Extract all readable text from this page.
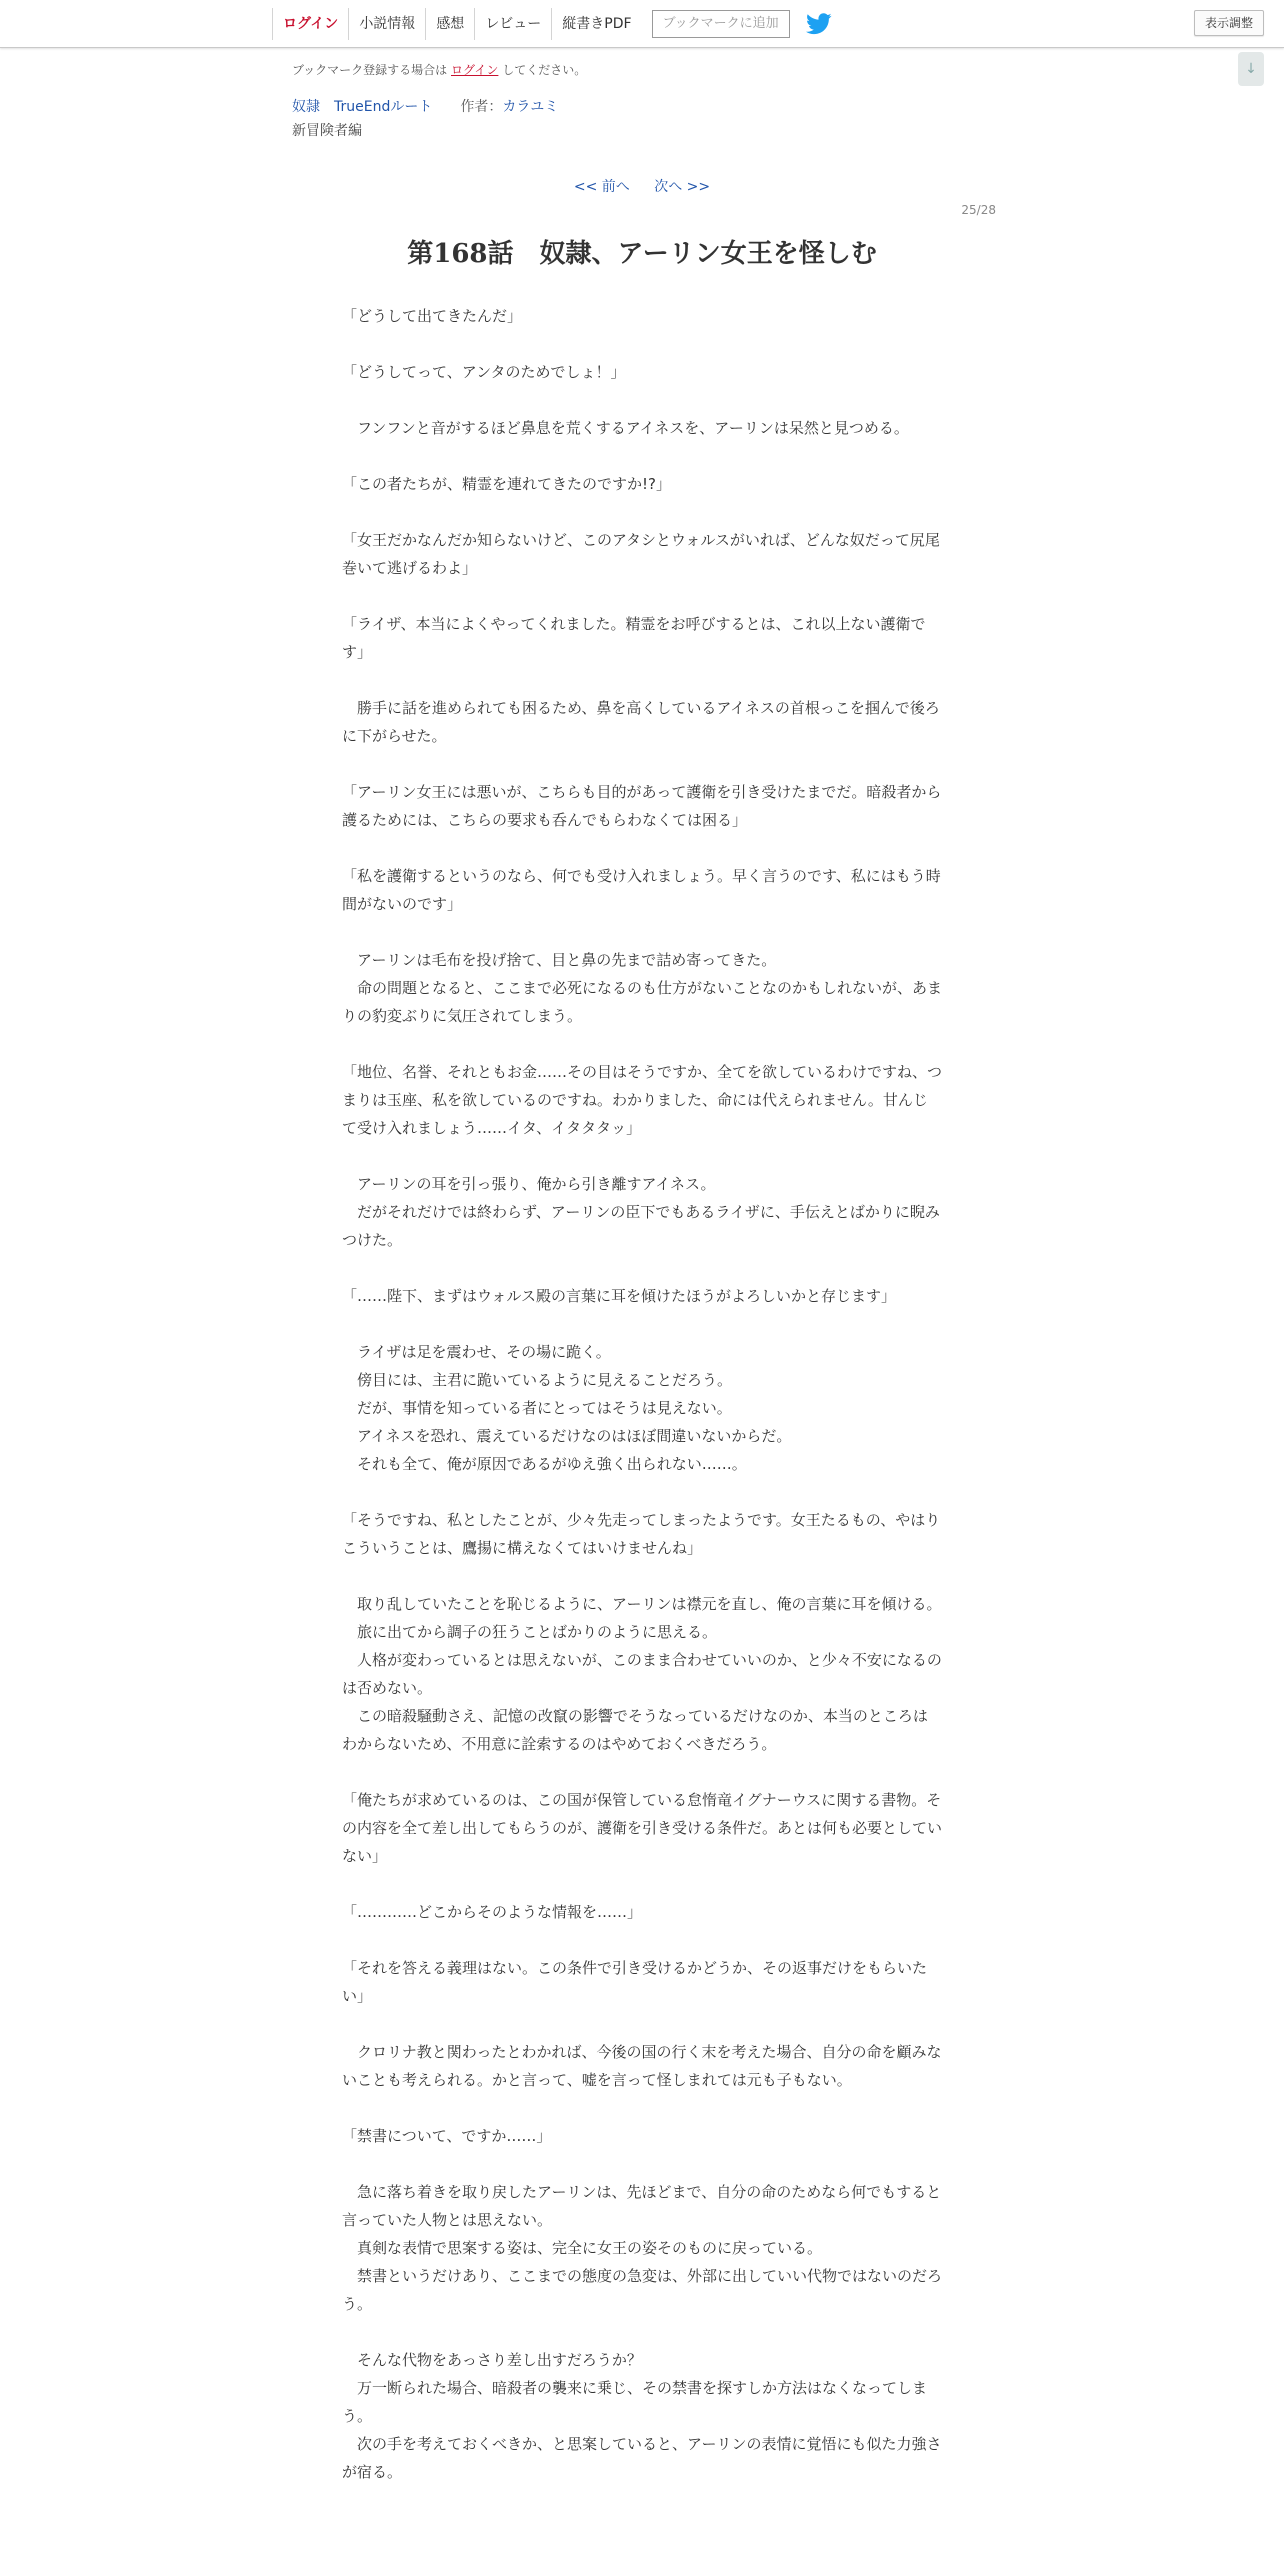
ログイン	小説情報	感想	レビュー	縦書きPDF	ブックマークに追加	表示調整
↓
ブックマーク登録する場合は ログイン してください。
奴隷　TrueEndルート 作者：カラユミ
新冒険者編
<< 前へ 次へ >>
25/28
第168話　奴隷、アーリン女王を怪しむ

「どうして出てきたんだ」

「どうしてって、アンタのためでしょ！」

　フンフンと音がするほど鼻息を荒くするアイネスを、アーリンは呆然と見つめる。

「この者たちが、精霊を連れてきたのですか!?」

「女王だかなんだか知らないけど、このアタシとウォルスがいれば、どんな奴だって尻尾巻いて逃げるわよ」

「ライザ、本当によくやってくれました。精霊をお呼びするとは、これ以上ない護衛です」

　勝手に話を進められても困るため、鼻を高くしているアイネスの首根っこを掴んで後ろに下がらせた。

「アーリン女王には悪いが、こちらも目的があって護衛を引き受けたまでだ。暗殺者から護るためには、こちらの要求も呑んでもらわなくては困る」

「私を護衛するというのなら、何でも受け入れましょう。早く言うのです、私にはもう時間がないのです」

　アーリンは毛布を投げ捨て、目と鼻の先まで詰め寄ってきた。

　命の問題となると、ここまで必死になるのも仕方がないことなのかもしれないが、あまりの豹変ぶりに気圧されてしまう。

「地位、名誉、それともお金……その目はそうですか、全てを欲しているわけですね、つまりは玉座、私を欲しているのですね。わかりました、命には代えられません。甘んじて受け入れましょう……イタ、イタタタッ」

　アーリンの耳を引っ張り、俺から引き離すアイネス。

　だがそれだけでは終わらず、アーリンの臣下でもあるライザに、手伝えとばかりに睨みつけた。

「……陛下、まずはウォルス殿の言葉に耳を傾けたほうがよろしいかと存じます」

　ライザは足を震わせ、その場に跪く。

　傍目には、主君に跪いているように見えることだろう。

　だが、事情を知っている者にとってはそうは見えない。

　アイネスを恐れ、震えているだけなのはほぼ間違いないからだ。

　それも全て、俺が原因であるがゆえ強く出られない……。

「そうですね、私としたことが、少々先走ってしまったようです。女王たるもの、やはりこういうことは、鷹揚に構えなくてはいけませんね」

　取り乱していたことを恥じるように、アーリンは襟元を直し、俺の言葉に耳を傾ける。

　旅に出てから調子の狂うことばかりのように思える。

　人格が変わっているとは思えないが、このまま合わせていいのか、と少々不安になるのは否めない。

　この暗殺騒動さえ、記憶の改竄の影響でそうなっているだけなのか、本当のところはわからないため、不用意に詮索するのはやめておくべきだろう。

「俺たちが求めているのは、この国が保管している怠惰竜イグナーウスに関する書物。その内容を全て差し出してもらうのが、護衛を引き受ける条件だ。あとは何も必要としていない」

「…………どこからそのような情報を……」

「それを答える義理はない。この条件で引き受けるかどうか、その返事だけをもらいたい」

　クロリナ教と関わったとわかれば、今後の国の行く末を考えた場合、自分の命を顧みないことも考えられる。かと言って、嘘を言って怪しまれては元も子もない。

「禁書について、ですか……」

　急に落ち着きを取り戻したアーリンは、先ほどまで、自分の命のためなら何でもすると言っていた人物とは思えない。

　真剣な表情で思案する姿は、完全に女王の姿そのものに戻っている。

　禁書というだけあり、ここまでの態度の急変は、外部に出していい代物ではないのだろう。

　そんな代物をあっさり差し出すだろうか？

　万一断られた場合、暗殺者の襲来に乗じ、その禁書を探すしか方法はなくなってしまう。

　次の手を考えておくべきか、と思案していると、アーリンの表情に覚悟にも似た力強さが宿る。
